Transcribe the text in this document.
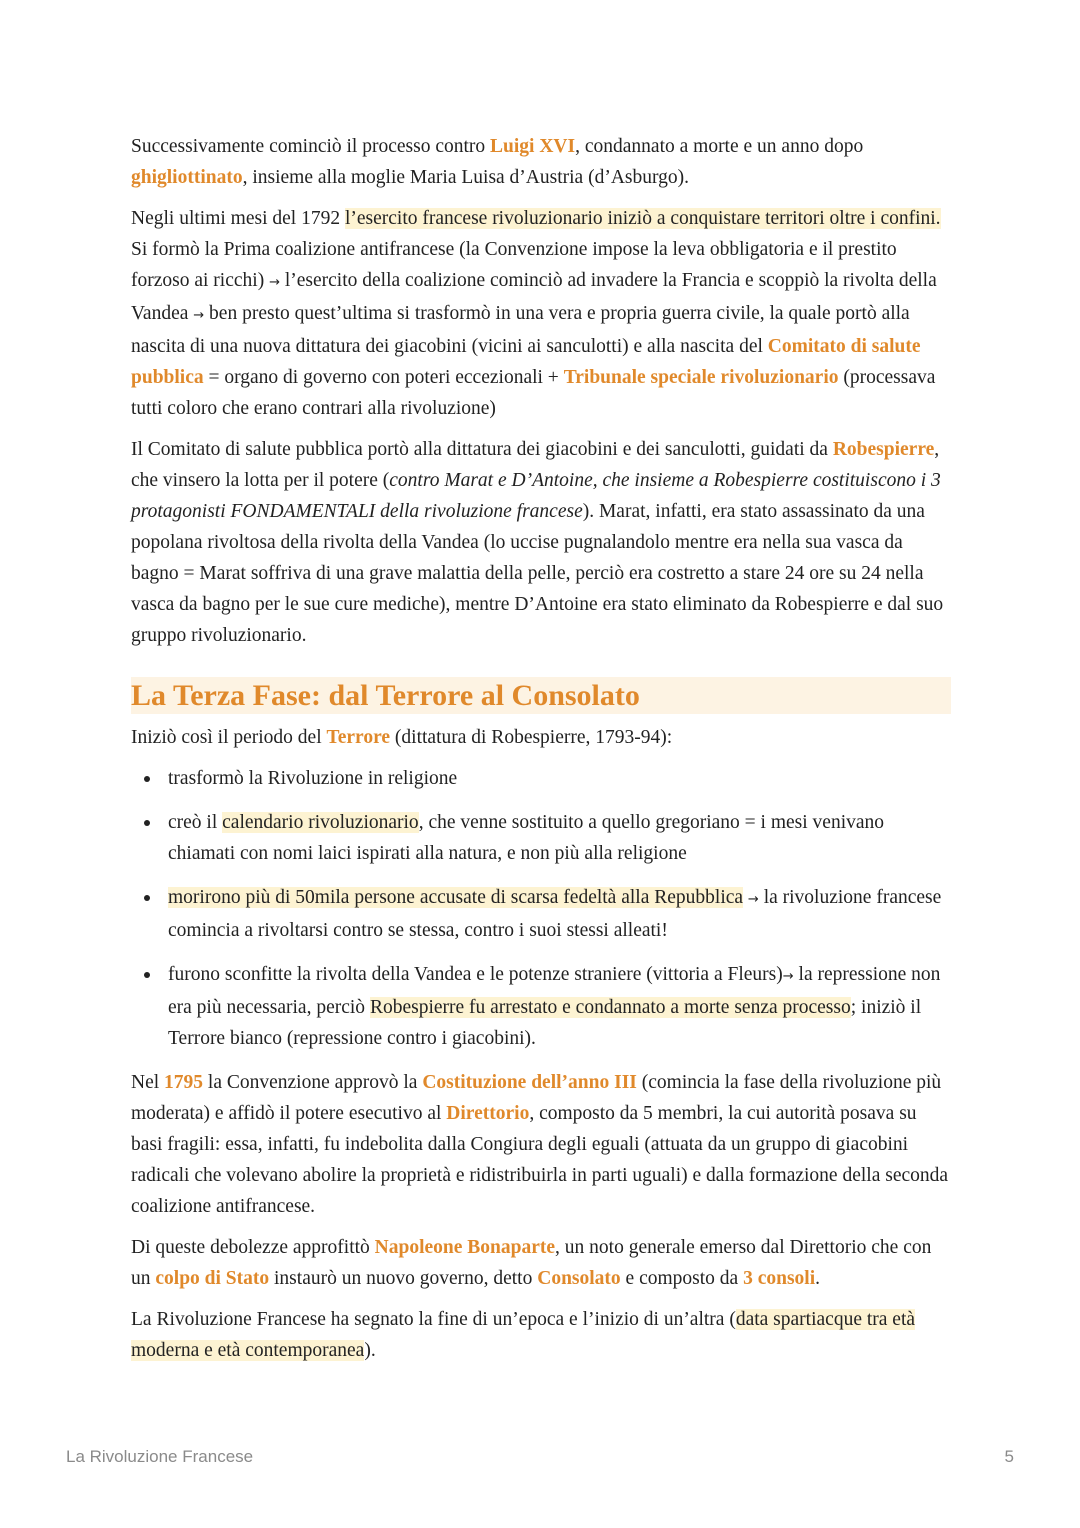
Successivamente cominciò il processo contro Luigi XVI, condannato a morte e un anno dopo ghigliottinato, insieme alla moglie Maria Luisa d’Austria (d’Asburgo).

Negli ultimi mesi del 1792 l’esercito francese rivoluzionario iniziò a conquistare territori oltre i confini. Si formò la Prima coalizione antifrancese (la Convenzione impose la leva obbligatoria e il prestito forzoso ai ricchi) → l’esercito della coalizione cominciò ad invadere la Francia e scoppiò la rivolta della Vandea → ben presto quest’ultima si trasformò in una vera e propria guerra civile, la quale portò alla nascita di una nuova dittatura dei giacobini (vicini ai sanculotti) e alla nascita del Comitato di salute pubblica = organo di governo con poteri eccezionali + Tribunale speciale rivoluzionario (processava tutti coloro che erano contrari alla rivoluzione)

Il Comitato di salute pubblica portò alla dittatura dei giacobini e dei sanculotti, guidati da Robespierre, che vinsero la lotta per il potere (contro Marat e D’Antoine, che insieme a Robespierre costituiscono i 3 protagonisti FONDAMENTALI della rivoluzione francese). Marat, infatti, era stato assassinato da una popolana rivoltosa della rivolta della Vandea (lo uccise pugnalandolo mentre era nella sua vasca da bagno = Marat soffriva di una grave malattia della pelle, perciò era costretto a stare 24 ore su 24 nella vasca da bagno per le sue cure mediche), mentre D’Antoine era stato eliminato da Robespierre e dal suo gruppo rivoluzionario.

La Terza Fase: dal Terrore al Consolato

Iniziò così il periodo del Terrore (dittatura di Robespierre, 1793-94):

trasformò la Rivoluzione in religione
creò il calendario rivoluzionario, che venne sostituito a quello gregoriano = i mesi venivano chiamati con nomi laici ispirati alla natura, e non più alla religione
morirono più di 50mila persone accusate di scarsa fedeltà alla Repubblica → la rivoluzione francese comincia a rivoltarsi contro se stessa, contro i suoi stessi alleati!
furono sconfitte la rivolta della Vandea e le potenze straniere (vittoria a Fleurs)→ la repressione non era più necessaria, perciò Robespierre fu arrestato e condannato a morte senza processo; iniziò il Terrore bianco (repressione contro i giacobini).

Nel 1795 la Convenzione approvò la Costituzione dell’anno III (comincia la fase della rivoluzione più moderata) e affidò il potere esecutivo al Direttorio, composto da 5 membri, la cui autorità posava su basi fragili: essa, infatti, fu indebolita dalla Congiura degli eguali (attuata da un gruppo di giacobini radicali che volevano abolire la proprietà e ridistribuirla in parti uguali) e dalla formazione della seconda coalizione antifrancese.

Di queste debolezze approfittò Napoleone Bonaparte, un noto generale emerso dal Direttorio che con un colpo di Stato instaurò un nuovo governo, detto Consolato e composto da 3 consoli.

La Rivoluzione Francese ha segnato la fine di un’epoca e l’inizio di un’altra (data spartiacque tra età moderna e età contemporanea).

La Rivoluzione Francese	5
